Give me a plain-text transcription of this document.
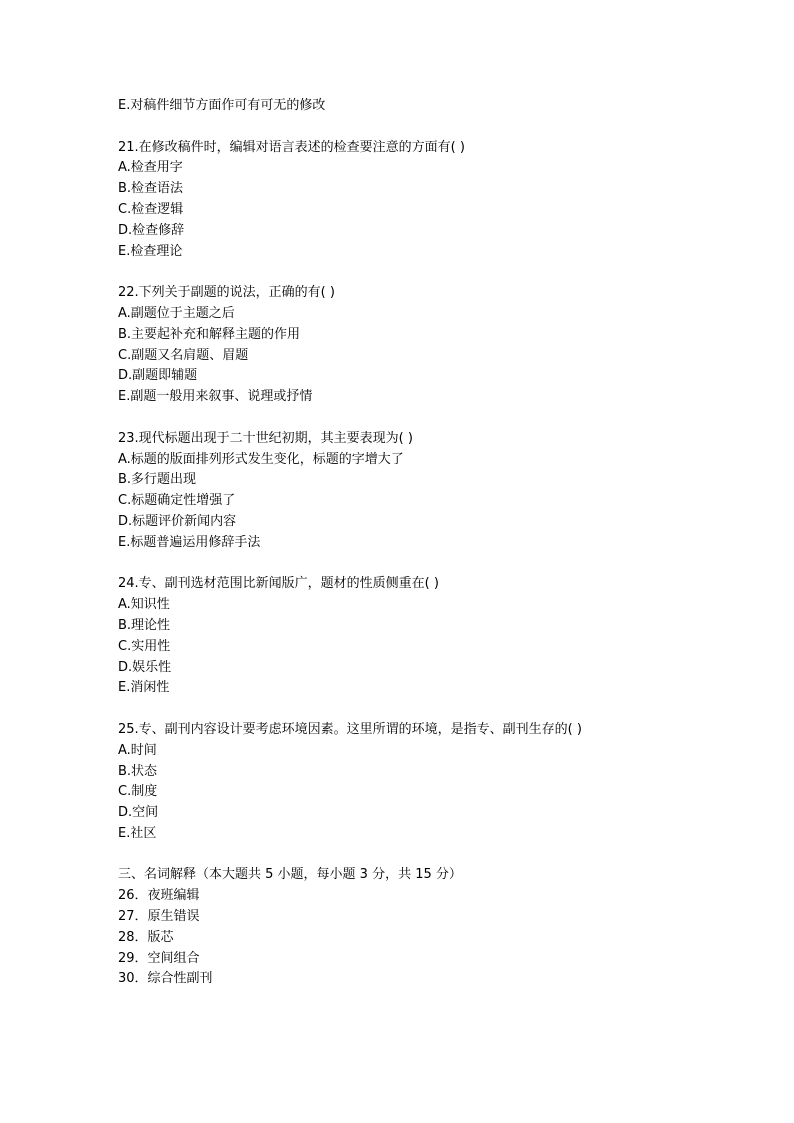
E.对稿件细节方面作可有可无的修改
21.在修改稿件时，编辑对语言表述的检查要注意的方面有( )
A.检查用字
B.检查语法
C.检查逻辑
D.检查修辞
E.检查理论
22.下列关于副题的说法，正确的有( )
A.副题位于主题之后
B.主要起补充和解释主题的作用
C.副题又名肩题、眉题
D.副题即辅题
E.副题一般用来叙事、说理或抒情
23.现代标题出现于二十世纪初期，其主要表现为( )
A.标题的版面排列形式发生变化，标题的字增大了
B.多行题出现
C.标题确定性增强了
D.标题评价新闻内容
E.标题普遍运用修辞手法
24.专、副刊选材范围比新闻版广，题材的性质侧重在( )
A.知识性
B.理论性
C.实用性
D.娱乐性
E.消闲性
25.专、副刊内容设计要考虑环境因素。这里所谓的环境，是指专、副刊生存的( )
A.时间
B.状态
C.制度
D.空间
E.社区
三、名词解释（本大题共 5 小题，每小题 3 分，共 15 分）
26．夜班编辑
27．原生错误
28．版芯
29．空间组合
30．综合性副刊
